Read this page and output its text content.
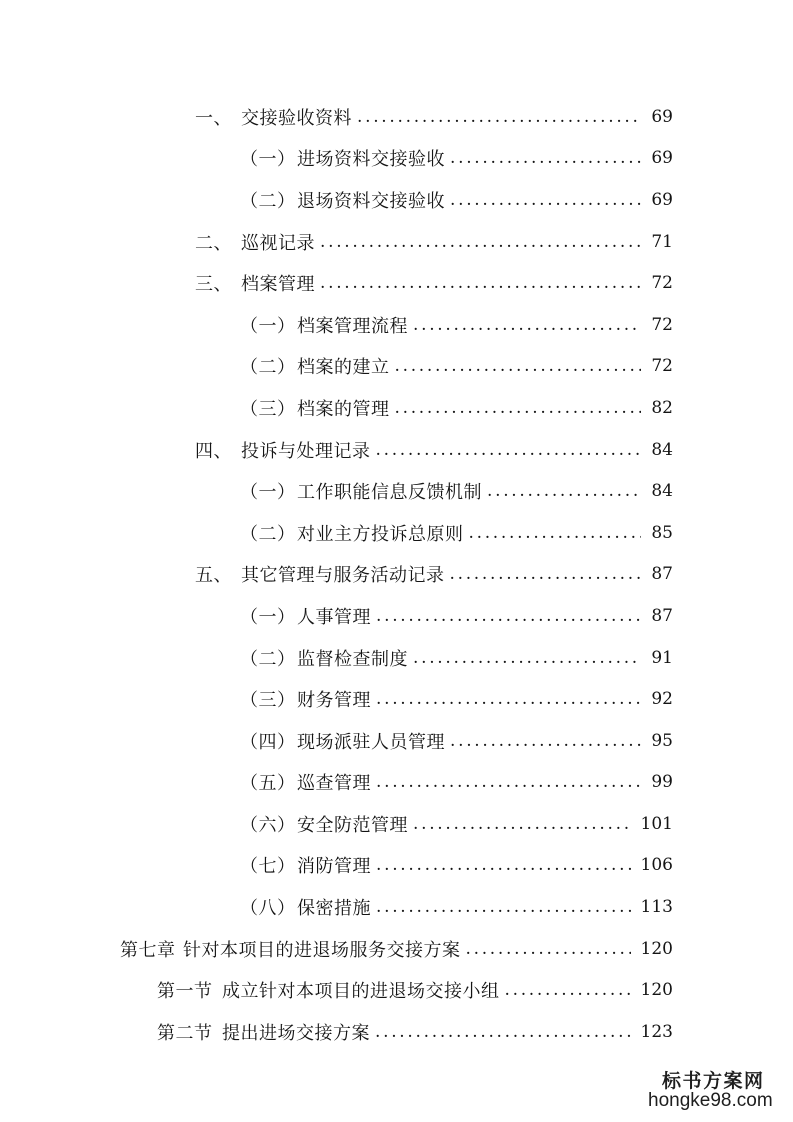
一、 交接验收资料 .....	69
（一） 进场资料交接验收 .....	69
（二） 退场资料交接验收 .....	69
二、 巡视记录 .....	71
三、 档案管理 .....	72
（一） 档案管理流程 .....	72
（二） 档案的建立 .....	72
（三） 档案的管理 .....	82
四、 投诉与处理记录 .....	84
（一） 工作职能信息反馈机制 .....	84
（二） 对业主方投诉总原则 .....	85
五、 其它管理与服务活动记录 .....	87
（一） 人事管理 .....	87
（二） 监督检查制度 .....	91
（三） 财务管理 .....	92
（四） 现场派驻人员管理 .....	95
（五） 巡查管理 .....	99
（六） 安全防范管理 .....	101
（七） 消防管理 .....	106
（八） 保密措施 .....	113
第七章 针对本项目的进退场服务交接方案 .....	120
第一节 成立针对本项目的进退场交接小组 .....	120
第二节 提出进场交接方案 .....	123
标书方案网
hongke98.com
